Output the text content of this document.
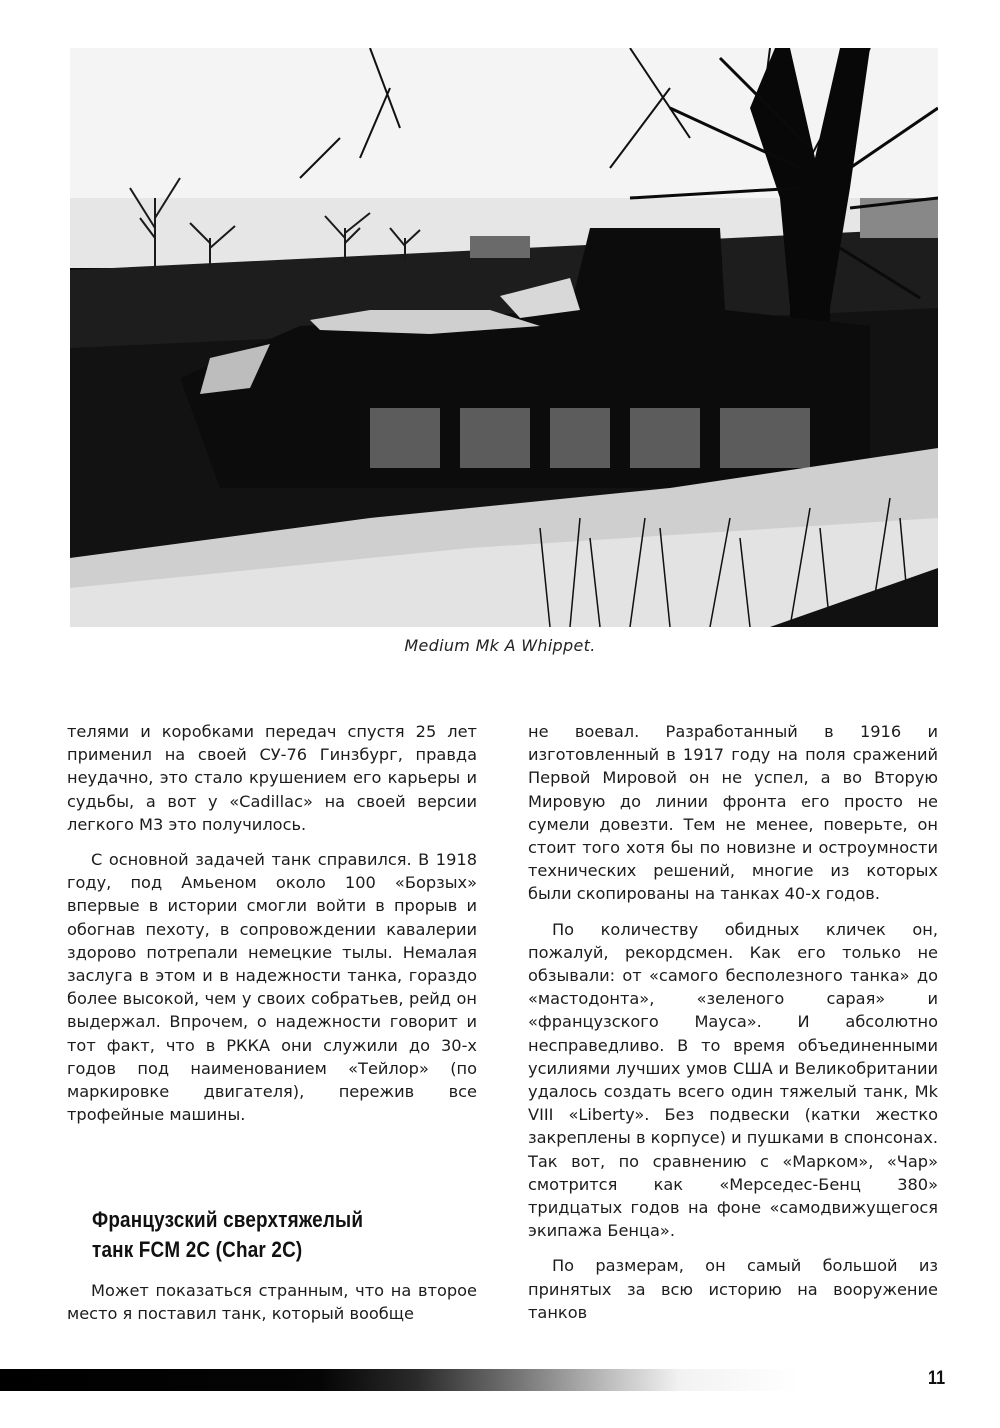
Medium Mk A Whippet.

телями и коробками передач спустя 25 лет применил на своей СУ-76 Гинзбург, правда неудачно, это стало крушением его карьеры и судьбы, а вот у «Cadillac» на своей версии легкого М3 это получилось.

С основной задачей танк справился. В 1918 году, под Амьеном около 100 «Борзых» впервые в истории смогли войти в прорыв и обогнав пехоту, в сопровождении кавалерии здорово потрепали немецкие тылы. Немалая заслуга в этом и в надежности танка, гораздо более высокой, чем у своих собратьев, рейд он выдержал. Впрочем, о надежности говорит и тот факт, что в РККА они служили до 30-х годов под наименованием «Тейлор» (по маркировке двигателя), пережив все трофейные машины.

Французский сверхтяжелый
танк FCM 2C (Char 2C)

Может показаться странным, что на второе место я поставил танк, который вообще

не воевал. Разработанный в 1916 и изготовленный в 1917 году на поля сражений Первой Мировой он не успел, а во Вторую Мировую до линии фронта его просто не сумели довезти. Тем не менее, поверьте, он стоит того хотя бы по новизне и остроумности технических решений, многие из которых были скопированы на танках 40-х годов.

По количеству обидных кличек он, пожалуй, рекордсмен. Как его только не обзывали: от «самого бесполезного танка» до «мастодонта», «зеленого сарая» и «французского Мауса». И абсолютно несправедливо. В то время объединенными усилиями лучших умов США и Великобритании удалось создать всего один тяжелый танк, Mk VIII «Liberty». Без подвески (катки жестко закреплены в корпусе) и пушками в спонсонах. Так вот, по сравнению с «Марком», «Чар» смотрится как «Мерседес-Бенц 380» тридцатых годов на фоне «самодвижущегося экипажа Бенца».

По размерам, он самый большой из принятых за всю историю на вооружение танков

11
